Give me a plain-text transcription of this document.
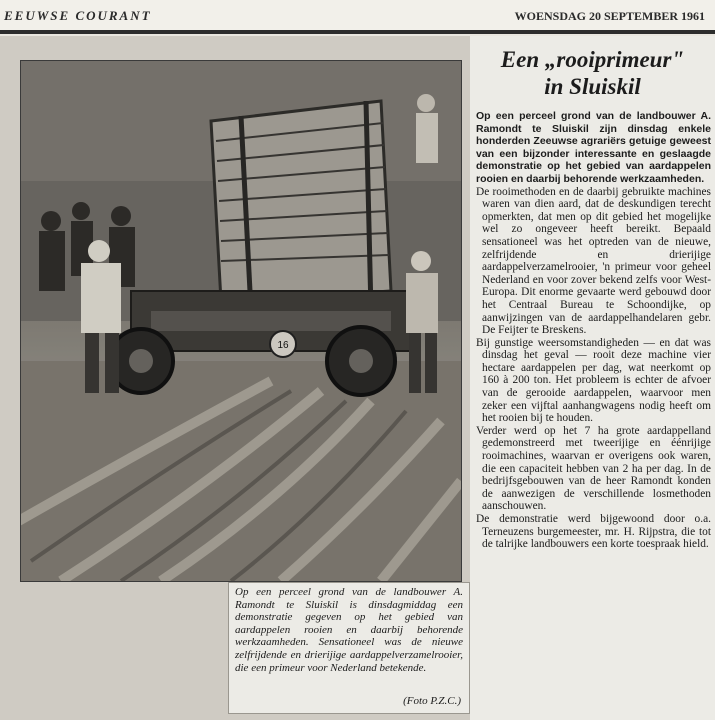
EEUWSE COURANT	WOENSDAG 20 SEPTEMBER 1961
16

Op een perceel grond van de landbouwer A. Ramondt te Sluiskil is dinsdagmiddag een demonstratie gegeven op het gebied van aardappelen rooien en daarbij behorende werkzaamheden. Sensationeel was de nieuwe zelfrijdende en drierijige aardappelverzamelrooier, die een primeur voor Nederland betekende.

(Foto P.Z.C.)
Een „rooiprimeur"
in Sluiskil

Op een perceel grond van de landbouwer A. Ramondt te Sluiskil zijn dinsdag enkele honderden Zeeuwse agrariërs getuige geweest van een bijzonder interessante en geslaagde demonstratie op het gebied van aardappelen rooien en daarbij behorende werkzaamheden.

De rooimethoden en de daarbij gebruikte machines waren van dien aard, dat de deskundigen terecht opmerkten, dat men op dit gebied het mogelijke wel zo ongeveer heeft bereikt. Bepaald sensationeel was het optreden van de nieuwe, zelfrijdende en drierijige aardappelverzamelrooier, 'n primeur voor geheel Nederland en voor zover bekend zelfs voor West-Europa. Dit enorme gevaarte werd gebouwd door het Centraal Bureau te Schoondijke, op aanwijzingen van de aardappelhandelaren gebr. De Feijter te Breskens.

Bij gunstige weersomstandigheden — en dat was dinsdag het geval — rooit deze machine vier hectare aardappelen per dag, wat neerkomt op 160 à 200 ton. Het probleem is echter de afvoer van de gerooide aardappelen, waarvoor men zeker een vijftal aanhangwagens nodig heeft om het rooien bij te houden.

Verder werd op het 7 ha grote aardappelland gedemonstreerd met tweerijige en éénrijige rooimachines, waarvan er overigens ook waren, die een capaciteit hebben van 2 ha per dag. In de bedrijfsgebouwen van de heer Ramondt konden de aanwezigen de verschillende losmethoden aanschouwen.

De demonstratie werd bijgewoond door o.a. Terneuzens burgemeester, mr. H. Rijpstra, die tot de talrijke landbouwers een korte toespraak hield.
